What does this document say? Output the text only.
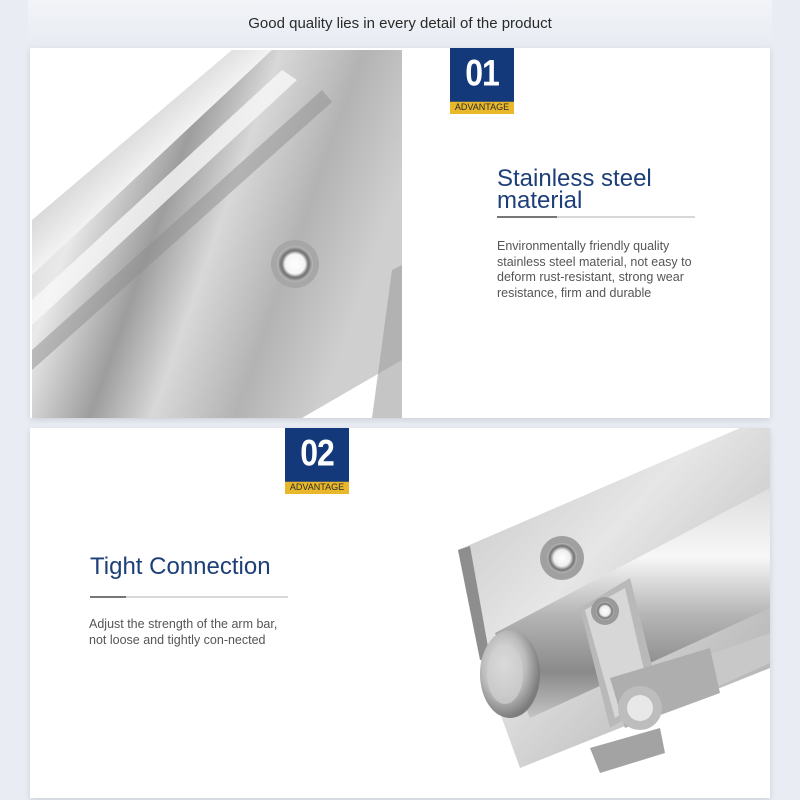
Good quality lies in every detail of the product
01
ADVANTAGE
Stainless steel material
Environmentally friendly quality stainless steel material, not easy to deform rust-resistant, strong wear resistance, firm and durable
02
ADVANTAGE
Tight Connection
Adjust the strength of the arm bar, not loose and tightly con-nected
